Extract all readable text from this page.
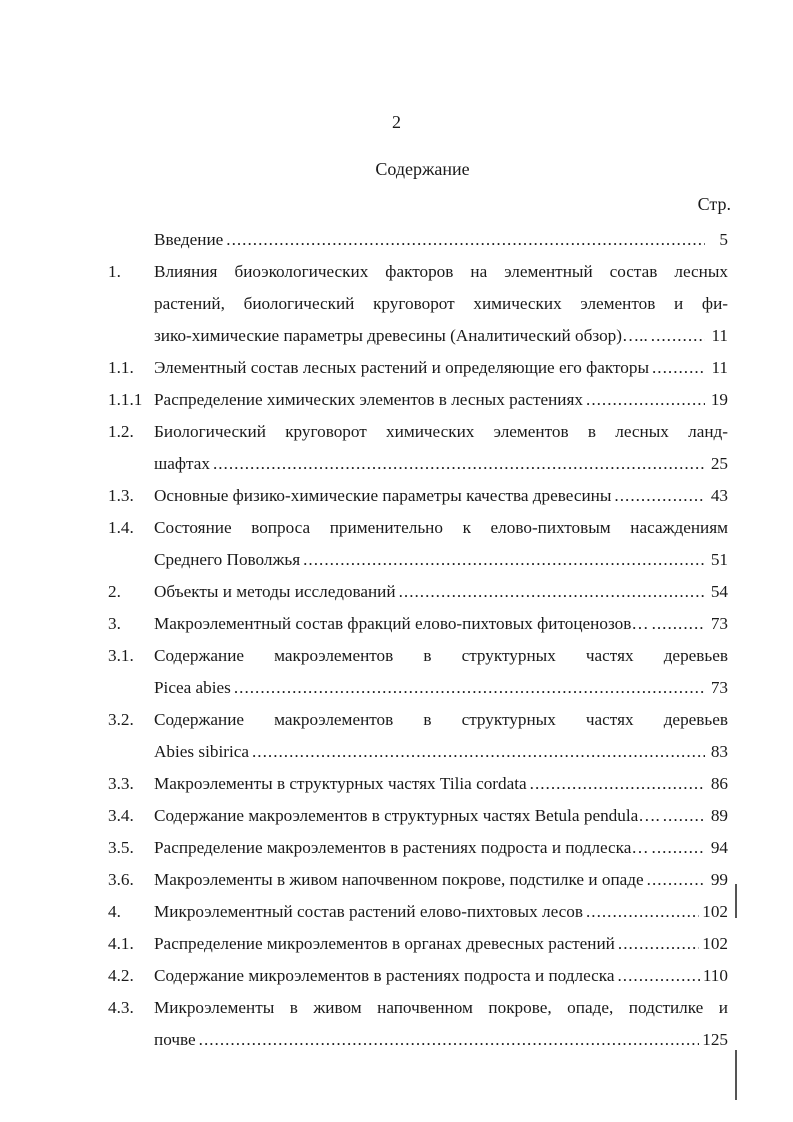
2
Содержание
Стр.
Введение .....	5
1.	Влияния биоэкологических факторов на элементный состав лесных
растений, биологический круговорот химических элементов и фи-
зико-химические параметры древесины (Аналитический обзор)….. .....	11
1.1.	Элементный состав лесных растений и определяющие его факторы .....	11
1.1.1 Распределение химических элементов в лесных растениях .....	19
1.2.	Биологический круговорот химических элементов в лесных ланд-
шафтах .....	25
1.3.	Основные физико-химические параметры качества древесины .....	43
1.4.	Состояние вопроса применительно к елово-пихтовым насаждениям
Среднего Поволжья .....	51
2.	Объекты и методы исследований .....	54
3.	Макроэлементный состав фракций елово-пихтовых фитоценозов… .....	73
3.1.	Содержание макроэлементов в структурных частях деревьев
Picea abies .....	73
3.2.	Содержание макроэлементов в структурных частях деревьев
Abies sibirica .....	83
3.3.	Макроэлементы в структурных частях Tilia cordata .....	86
3.4.	Содержание макроэлементов в структурных частях Betula pendula…. .....	89
3.5.	Распределение макроэлементов в растениях подроста и подлеска… .....	94
3.6.	Макроэлементы в живом напочвенном покрове, подстилке и опаде .....	99
4.	Микроэлементный состав растений елово-пихтовых лесов .....	102
4.1.	Распределение микроэлементов в органах древесных растений .....	102
4.2.	Содержание микроэлементов в растениях подроста и подлеска .....	110
4.3.	Микроэлементы в живом напочвенном покрове, опаде, подстилке и
почве .....	125
